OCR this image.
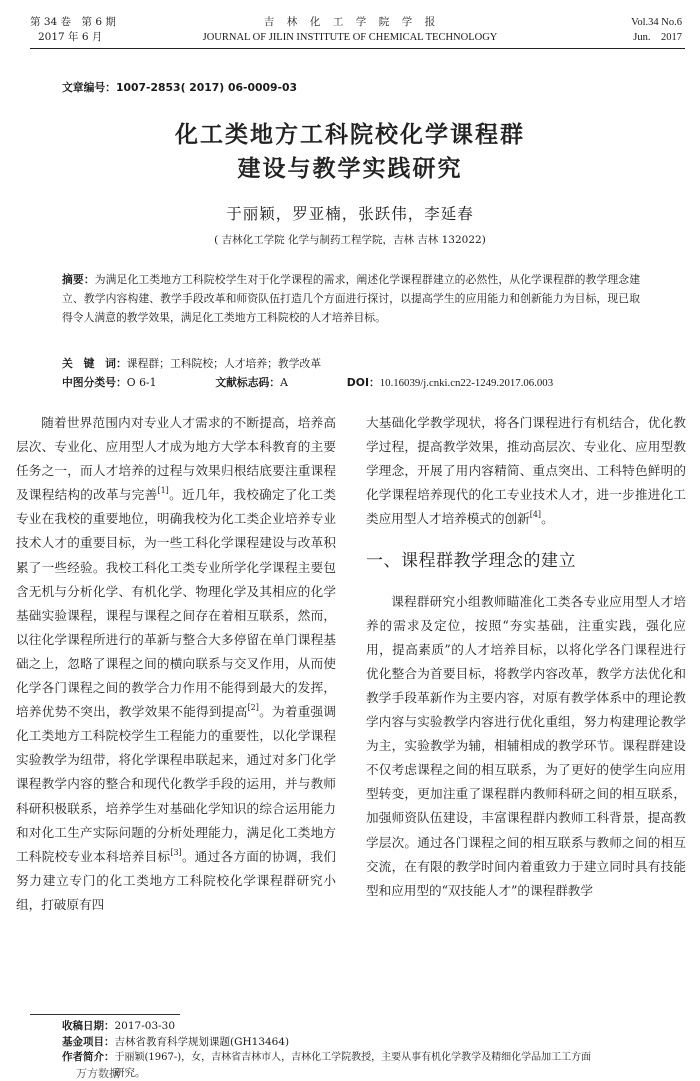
第 34 卷　第 6 期
2017 年 6 月
吉　林　化　工　学　院　学　报
JOURNAL OF JILIN INSTITUTE OF CHEMICAL TECHNOLOGY
Vol.34 No.6
Jun.　2017
文章编号：1007-2853( 2017) 06-0009-03
化工类地方工科院校化学课程群
建设与教学实践研究
于丽颖，罗亚楠，张跃伟，李延春
( 吉林化工学院 化学与制药工程学院，吉林 吉林 132022)
摘要：为满足化工类地方工科院校学生对于化学课程的需求，阐述化学课程群建立的必然性，从化学课程群的教学理念建立、教学内容构建、教学手段改革和师资队伍打造几个方面进行探讨，以提高学生的应用能力和创新能力为目标，现已取得令人满意的教学效果，满足化工类地方工科院校的人才培养目标。
关　键　词：课程群；工科院校；人才培养；教学改革
中图分类号：O 6-1	文献标志码：A	DOI：10.16039/j.cnki.cn22-1249.2017.06.003

随着世界范围内对专业人才需求的不断提高，培养高层次、专业化、应用型人才成为地方大学本科教育的主要任务之一，而人才培养的过程与效果归根结底要注重课程及课程结构的改革与完善[1]。近几年，我校确定了化工类专业在我校的重要地位，明确我校为化工类企业培养专业技术人才的重要目标，为一些工科化学课程建设与改革积累了一些经验。我校工科化工类专业所学化学课程主要包含无机与分析化学、有机化学、物理化学及其相应的化学基础实验课程，课程与课程之间存在着相互联系，然而，以往化学课程所进行的革新与整合大多停留在单门课程基础之上，忽略了课程之间的横向联系与交叉作用，从而使化学各门课程之间的教学合力作用不能得到最大的发挥，培养优势不突出，教学效果不能得到提高[2]。为着重强调化工类地方工科院校学生工程能力的重要性，以化学课程实验教学为纽带，将化学课程串联起来，通过对多门化学课程教学内容的整合和现代化教学手段的运用，并与教师科研积极联系，培养学生对基础化学知识的综合运用能力和对化工生产实际问题的分析处理能力，满足化工类地方工科院校专业本科培养目标[3]。通过各方面的协调，我们努力建立专门的化工类地方工科院校化学课程群研究小组，打破原有四

大基础化学教学现状，将各门课程进行有机结合，优化教学过程，提高教学效果，推动高层次、专业化、应用型教学理念，开展了用内容精简、重点突出、工科特色鲜明的化学课程培养现代的化工专业技术人才，进一步推进化工类应用型人才培养模式的创新[4]。

一、课程群教学理念的建立

课程群研究小组教师瞄准化工类各专业应用型人才培养的需求及定位，按照“夯实基础，注重实践，强化应用，提高素质”的人才培养目标，以将化学各门课程进行优化整合为首要目标，将教学内容改革，教学方法优化和教学手段革新作为主要内容，对原有教学体系中的理论教学内容与实验教学内容进行优化重组，努力构建理论教学为主，实验教学为辅，相辅相成的教学环节。课程群建设不仅考虑课程之间的相互联系，为了更好的使学生向应用型转变，更加注重了课程群内教师科研之间的相互联系，加强师资队伍建设，丰富课程群内教师工科背景，提高教学层次。通过各门课程之间的相互联系与教师之间的相互交流，在有限的教学时间内着重致力于建立同时具有技能型和应用型的“双技能人才”的课程群教学

收稿日期：2017-03-30
基金项目：吉林省教育科学规划课题(GH13464)
作者简介：于丽颖(1967-)，女，吉林省吉林市人，吉林化工学院教授，主要从事有机化学教学及精细化学品加工工方面
研究。
万方数据
